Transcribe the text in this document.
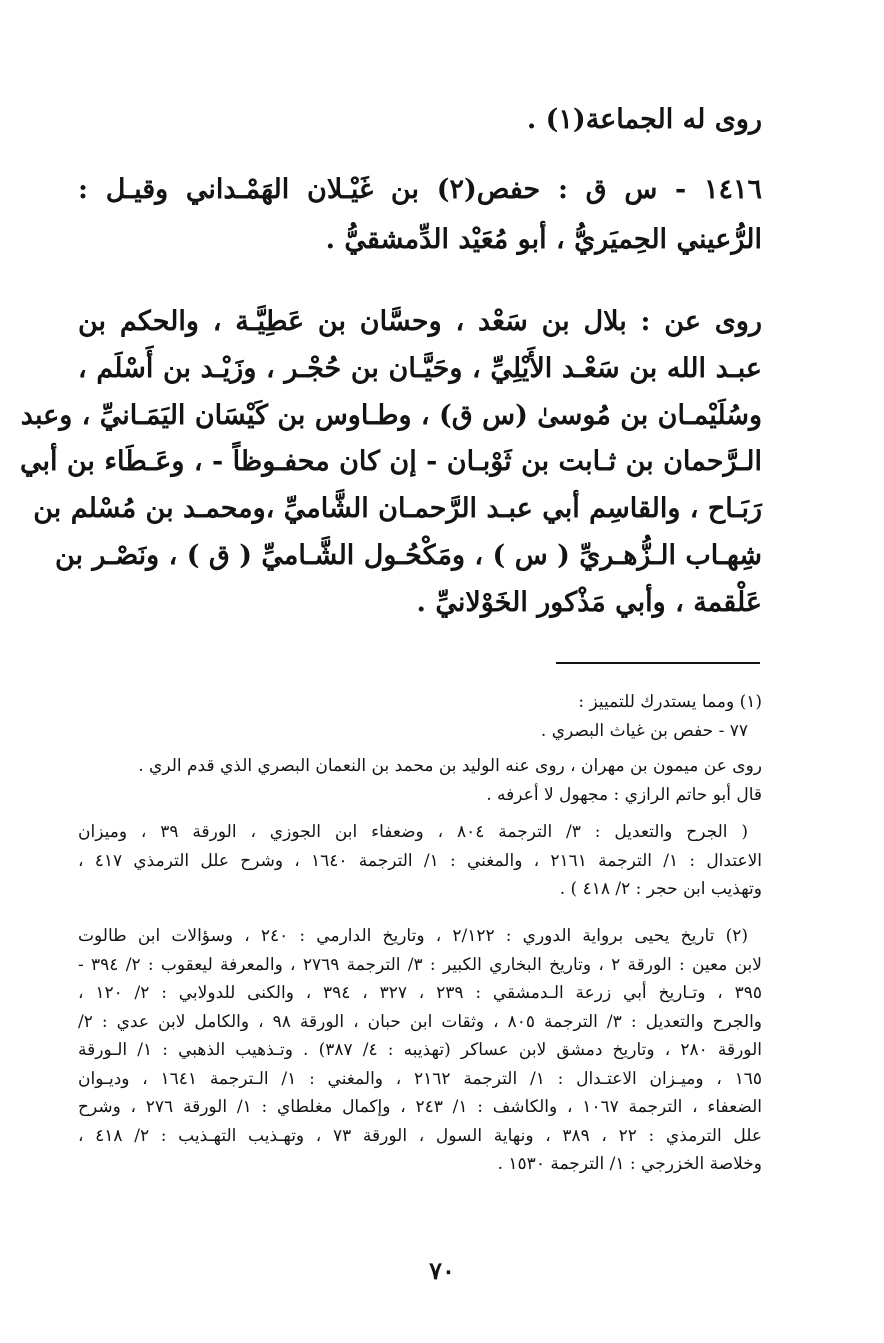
روى له الجماعة(١) .
١٤١٦ - س ق : حفص(٢) بن غَيْـلان الهَمْـداني وقيـل :
الرُّعيني الحِميَريُّ ، أبو مُعَيْد الدِّمشقيُّ .
روى عن : بلال بن سَعْد ، وحسَّان بن عَطِيَّـة ، والحكم بن
عبـد الله بن سَعْـد الأَيْلِيِّ ، وحَيَّـان بن حُجْـر ، وزَيْـد بن أَسْلَم ،
وسُلَيْمـان بن مُوسىٰ (س ق) ، وطـاوس بن كَيْسَان اليَمَـانيِّ ، وعبد
الـرَّحمان بن ثـابت بن ثَوْبـان - إن كان محفـوظاً - ، وعَـطَاء بن أبي
رَبَـاح ، والقاسِم أبي عبـد الرَّحمـان الشَّاميِّ ،ومحمـد بن مُسْلم بن
شِهـاب الـزُّهـريِّ ( س ) ، ومَكْحُـول الشَّـاميِّ ( ق ) ، ونَصْـر بن
عَلْقمة ، وأبي مَذْكور الخَوْلانيِّ .
(١) ومما يستدرك للتمييز :
٧٧ - حفص بن غياث البصري .
روى عن ميمون بن مهران ، روى عنه الوليد بن محمد بن النعمان البصري الذي قدم الري .
قال أبو حاتم الرازي : مجهول لا أعرفه .
( الجرح والتعديل : ٣/ الترجمة ٨٠٤ ، وضعفاء ابن الجوزي ، الورقة ٣٩ ، وميزان
الاعتدال : ١/ الترجمة ٢١٦١ ، والمغني : ١/ الترجمة ١٦٤٠ ، وشرح علل الترمذي ٤١٧ ،
وتهذيب ابن حجر : ٢/ ٤١٨ ) .
(٢) تاريخ يحيى برواية الدوري : ٢/١٢٢ ، وتاريخ الدارمي : ٢٤٠ ، وسؤالات ابن طالوت
لابن معين : الورقة ٢ ، وتاريخ البخاري الكبير : ٣/ الترجمة ٢٧٦٩ ، والمعرفة ليعقوب : ٢/ ٣٩٤ -
٣٩٥ ، وتـاريخ أبي زرعة الـدمشقي : ٢٣٩ ، ٣٢٧ ، ٣٩٤ ، والكنى للدولابي : ٢/ ١٢٠ ،
والجرح والتعديل : ٣/ الترجمة ٨٠٥ ، وثقات ابن حبان ، الورقة ٩٨ ، والكامل لابن عدي : ٢/
الورقة ٢٨٠ ، وتاريخ دمشق لابن عساكر (تهذيبه : ٤/ ٣٨٧) . وتـذهيب الذهبي : ١/ الـورقة
١٦٥ ، وميـزان الاعتـدال : ١/ الترجمة ٢١٦٢ ، والمغني : ١/ الـترجمة ١٦٤١ ، وديـوان
الضعفاء ، الترجمة ١٠٦٧ ، والكاشف : ١/ ٢٤٣ ، وإكمال مغلطاي : ١/ الورقة ٢٧٦ ، وشرح
علل الترمذي : ٢٢ ، ٣٨٩ ، ونهاية السول ، الورقة ٧٣ ، وتهـذيب التهـذيب : ٢/ ٤١٨ ،
وخلاصة الخزرجي : ١/ الترجمة ١٥٣٠ .
٧٠
